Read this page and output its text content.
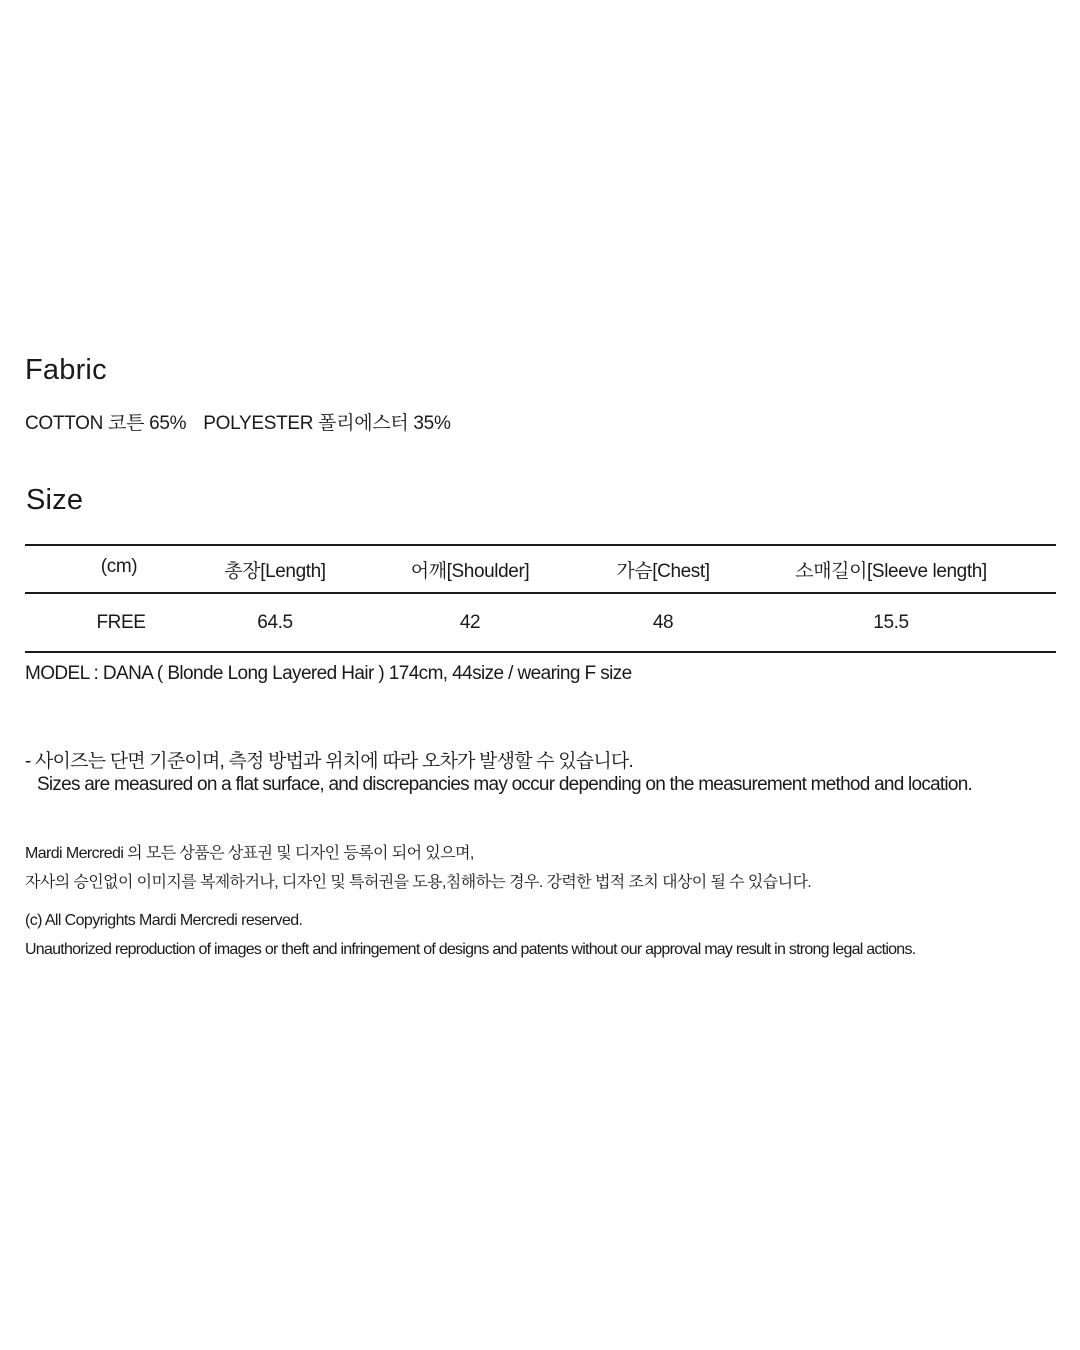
Fabric
COTTON 코튼 65% POLYESTER 폴리에스터 35%
Size
(cm)	총장[Length]	어깨[Shoulder]	가슴[Chest]	소매길이[Sleeve length]
FREE	64.5	42	48	15.5
MODEL : DANA ( Blonde Long Layered Hair ) 174cm, 44size / wearing F size
- 사이즈는 단면 기준이며, 측정 방법과 위치에 따라 오차가 발생할 수 있습니다.
Sizes are measured on a flat surface, and discrepancies may occur depending on the measurement method and location.
Mardi Mercredi 의 모든 상품은 상표권 및 디자인 등록이 되어 있으며,
자사의 승인없이 이미지를 복제하거나, 디자인 및 특허권을 도용,침해하는 경우. 강력한 법적 조치 대상이 될 수 있습니다.
(c) All Copyrights Mardi Mercredi reserved.
Unauthorized reproduction of images or theft and infringement of designs and patents without our approval may result in strong legal actions.
